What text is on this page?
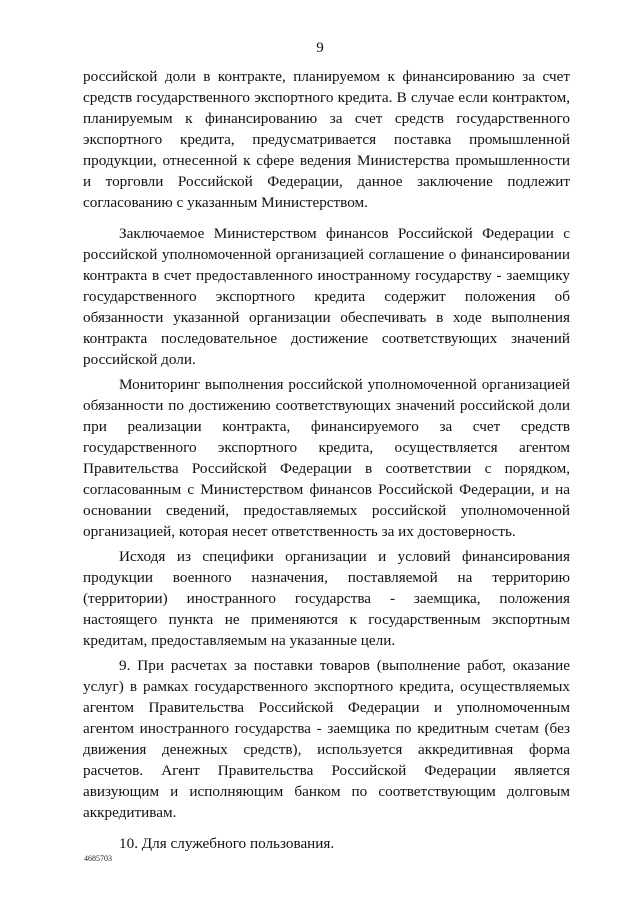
9

российской доли в контракте, планируемом к финансированию за счет средств государственного экспортного кредита. В случае если контрактом, планируемым к финансированию за счет средств государственного экспортного кредита, предусматривается поставка промышленной продукции, отнесенной к сфере ведения Министерства промышленности и торговли Российской Федерации, данное заключение подлежит согласованию с указанным Министерством.

Заключаемое Министерством финансов Российской Федерации с российской уполномоченной организацией соглашение о финансировании контракта в счет предоставленного иностранному государству - заемщику государственного экспортного кредита содержит положения об обязанности указанной организации обеспечивать в ходе выполнения контракта последовательное достижение соответствующих значений российской доли.

Мониторинг выполнения российской уполномоченной организацией обязанности по достижению соответствующих значений российской доли при реализации контракта, финансируемого за счет средств государственного экспортного кредита, осуществляется агентом Правительства Российской Федерации в соответствии с порядком, согласованным с Министерством финансов Российской Федерации, и на основании сведений, предоставляемых российской уполномоченной организацией, которая несет ответственность за их достоверность.

Исходя из специфики организации и условий финансирования продукции военного назначения, поставляемой на территорию (территории) иностранного государства - заемщика, положения настоящего пункта не применяются к государственным экспортным кредитам, предоставляемым на указанные цели.

9. При расчетах за поставки товаров (выполнение работ, оказание услуг) в рамках государственного экспортного кредита, осуществляемых агентом Правительства Российской Федерации и уполномоченным агентом иностранного государства - заемщика по кредитным счетам (без движения денежных средств), используется аккредитивная форма расчетов. Агент Правительства Российской Федерации является авизующим и исполняющим банком по соответствующим долговым аккредитивам.

10. Для служебного пользования.

4685703
